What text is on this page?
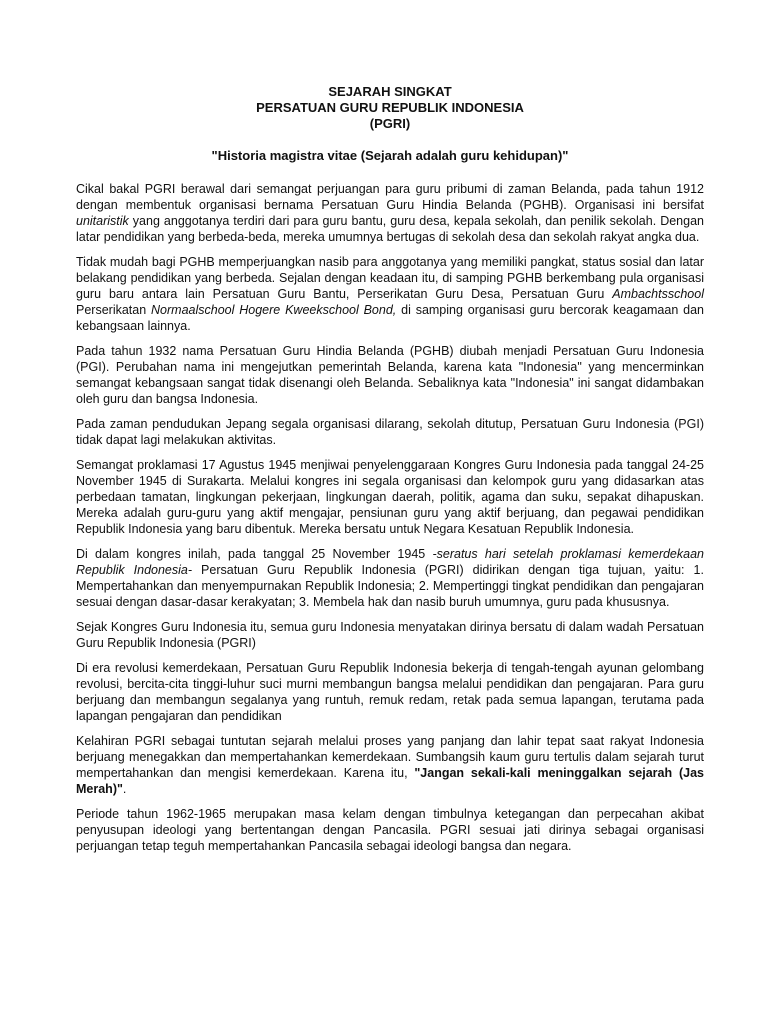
SEJARAH SINGKAT

PERSATUAN GURU REPUBLIK INDONESIA

(PGRI)

"Historia magistra vitae (Sejarah adalah guru kehidupan)"

Cikal bakal PGRI berawal dari semangat perjuangan para guru pribumi di zaman Belanda, pada tahun 1912 dengan membentuk organisasi bernama Persatuan Guru Hindia Belanda (PGHB). Organisasi ini bersifat unitaristik yang anggotanya terdiri dari para guru bantu, guru desa, kepala sekolah, dan penilik sekolah. Dengan latar pendidikan yang berbeda-beda, mereka umumnya bertugas di sekolah desa dan sekolah rakyat angka dua.

Tidak mudah bagi PGHB memperjuangkan nasib para anggotanya yang memiliki pangkat, status sosial dan latar belakang pendidikan yang berbeda. Sejalan dengan keadaan itu, di samping PGHB berkembang pula organisasi guru baru antara lain Persatuan Guru Bantu, Perserikatan Guru Desa, Persatuan Guru Ambachtsschool Perserikatan Normaalschool Hogere Kweekschool Bond, di samping organisasi guru bercorak keagamaan dan kebangsaan lainnya.

Pada tahun 1932 nama Persatuan Guru Hindia Belanda (PGHB) diubah menjadi Persatuan Guru Indonesia (PGI). Perubahan nama ini mengejutkan pemerintah Belanda, karena kata "Indonesia" yang mencerminkan semangat kebangsaan sangat tidak disenangi oleh Belanda. Sebaliknya kata "Indonesia" ini sangat didambakan oleh guru dan bangsa Indonesia.

Pada zaman pendudukan Jepang segala organisasi dilarang, sekolah ditutup, Persatuan Guru Indonesia (PGI) tidak dapat lagi melakukan aktivitas.

Semangat proklamasi 17 Agustus 1945 menjiwai penyelenggaraan Kongres Guru Indonesia pada tanggal 24-25 November 1945 di Surakarta. Melalui kongres ini segala organisasi dan kelompok guru yang didasarkan atas perbedaan tamatan, lingkungan pekerjaan, lingkungan daerah, politik, agama dan suku, sepakat dihapuskan. Mereka adalah guru-guru yang aktif mengajar, pensiunan guru yang aktif berjuang, dan pegawai pendidikan Republik Indonesia yang baru dibentuk. Mereka bersatu untuk Negara Kesatuan Republik Indonesia.

Di dalam kongres inilah, pada tanggal 25 November 1945 -seratus hari setelah proklamasi kemerdekaan Republik Indonesia- Persatuan Guru Republik Indonesia (PGRI) didirikan dengan tiga tujuan, yaitu: 1. Mempertahankan dan menyempurnakan Republik Indonesia; 2. Mempertinggi tingkat pendidikan dan pengajaran sesuai dengan dasar-dasar kerakyatan; 3. Membela hak dan nasib buruh umumnya, guru pada khususnya.

Sejak Kongres Guru Indonesia itu, semua guru Indonesia menyatakan dirinya bersatu di dalam wadah Persatuan Guru Republik Indonesia (PGRI)

Di era revolusi kemerdekaan, Persatuan Guru Republik Indonesia bekerja di tengah-tengah ayunan gelombang revolusi, bercita-cita tinggi-luhur suci murni membangun bangsa melalui pendidikan dan pengajaran. Para guru berjuang dan membangun segalanya yang runtuh, remuk redam, retak pada semua lapangan, terutama pada lapangan pengajaran dan pendidikan

Kelahiran PGRI sebagai tuntutan sejarah melalui proses yang panjang dan lahir tepat saat rakyat Indonesia berjuang menegakkan dan mempertahankan kemerdekaan. Sumbangsih kaum guru tertulis dalam sejarah turut mempertahankan dan mengisi kemerdekaan. Karena itu, "Jangan sekali-kali meninggalkan sejarah (Jas Merah)".

Periode tahun 1962-1965 merupakan masa kelam dengan timbulnya ketegangan dan perpecahan akibat penyusupan ideologi yang bertentangan dengan Pancasila. PGRI sesuai jati dirinya sebagai organisasi perjuangan tetap teguh mempertahankan Pancasila sebagai ideologi bangsa dan negara.
